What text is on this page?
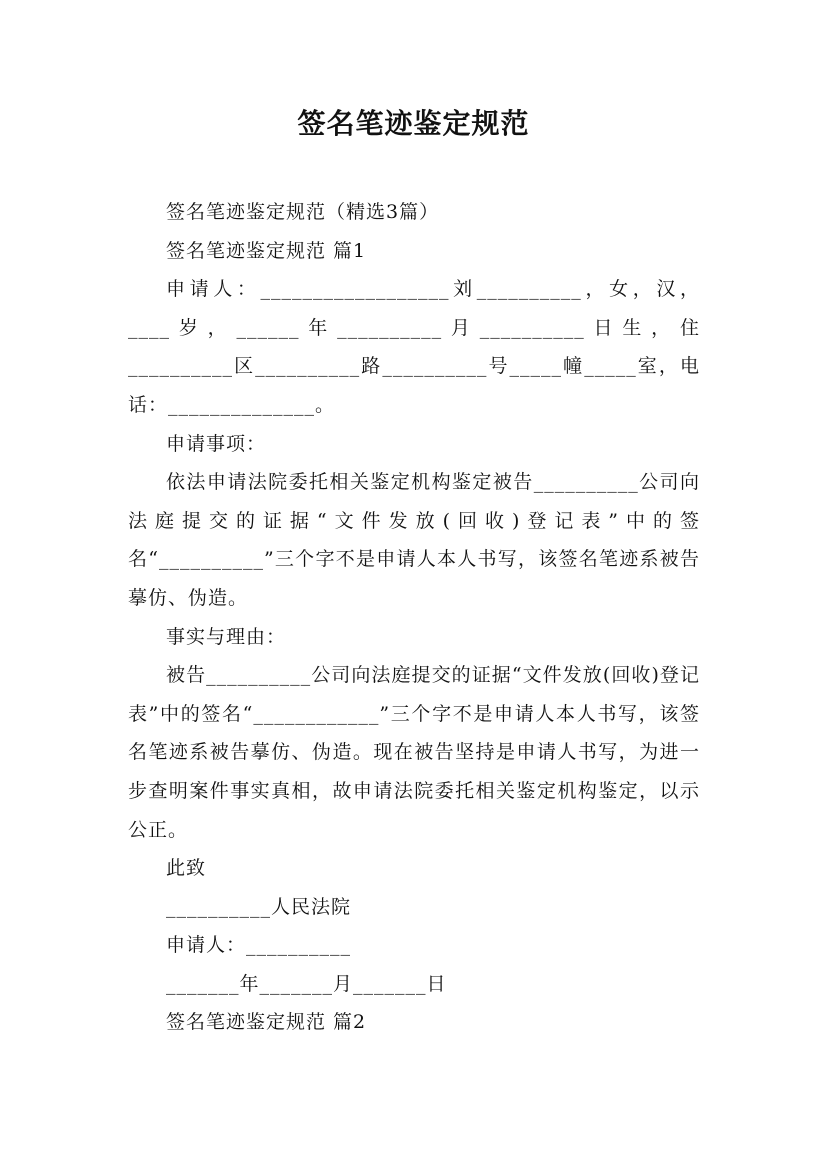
签名笔迹鉴定规范

签名笔迹鉴定规范（精选3篇）

签名笔迹鉴定规范 篇1

申请人：__________________刘__________，女，汉，____岁，______年__________月__________日生，住__________区__________路__________号_____幢_____室，电话：______________。

申请事项：

依法申请法院委托相关鉴定机构鉴定被告__________公司向法庭提交的证据“文件发放(回收)登记表”中的签名“__________”三个字不是申请人本人书写，该签名笔迹系被告摹仿、伪造。

事实与理由：

被告__________公司向法庭提交的证据“文件发放(回收)登记表”中的签名“____________”三个字不是申请人本人书写，该签名笔迹系被告摹仿、伪造。现在被告坚持是申请人书写，为进一步查明案件事实真相，故申请法院委托相关鉴定机构鉴定，以示公正。

此致

__________人民法院

申请人：__________

_______年_______月_______日

签名笔迹鉴定规范 篇2
